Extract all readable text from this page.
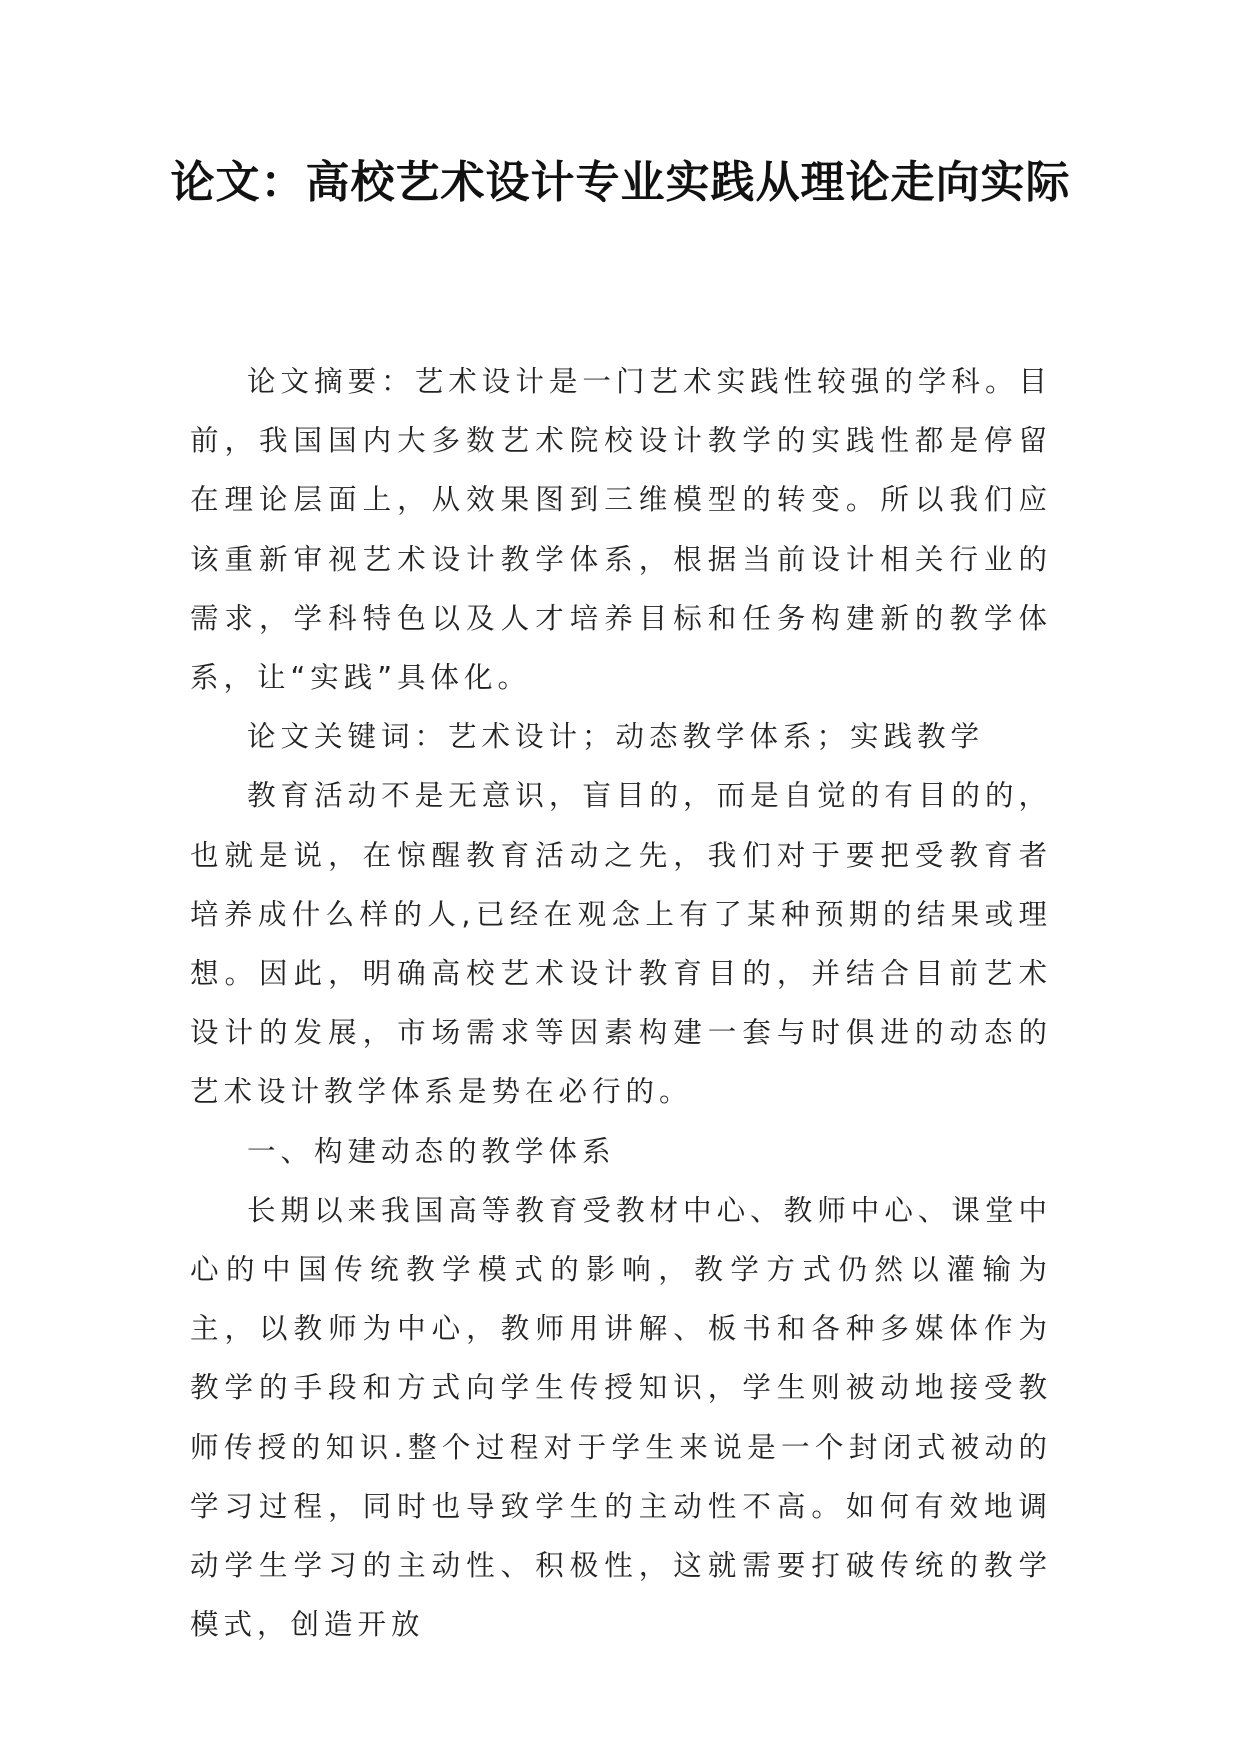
论文：高校艺术设计专业实践从理论走向实际

论文摘要：艺术设计是一门艺术实践性较强的学科。目前，我国国内大多数艺术院校设计教学的实践性都是停留在理论层面上，从效果图到三维模型的转变。所以我们应该重新审视艺术设计教学体系，根据当前设计相关行业的需求，学科特色以及人才培养目标和任务构建新的教学体系，让“实践”具体化。

论文关键词：艺术设计；动态教学体系；实践教学

教育活动不是无意识，盲目的，而是自觉的有目的的，也就是说，在惊醒教育活动之先，我们对于要把受教育者培养成什么样的人,已经在观念上有了某种预期的结果或理想。因此，明确高校艺术设计教育目的，并结合目前艺术设计的发展，市场需求等因素构建一套与时俱进的动态的艺术设计教学体系是势在必行的。

一、构建动态的教学体系

长期以来我国高等教育受教材中心、教师中心、课堂中心的中国传统教学模式的影响，教学方式仍然以灌输为主，以教师为中心，教师用讲解、板书和各种多媒体作为教学的手段和方式向学生传授知识，学生则被动地接受教师传授的知识.整个过程对于学生来说是一个封闭式被动的学习过程，同时也导致学生的主动性不高。如何有效地调动学生学习的主动性、积极性，这就需要打破传统的教学模式，创造开放
